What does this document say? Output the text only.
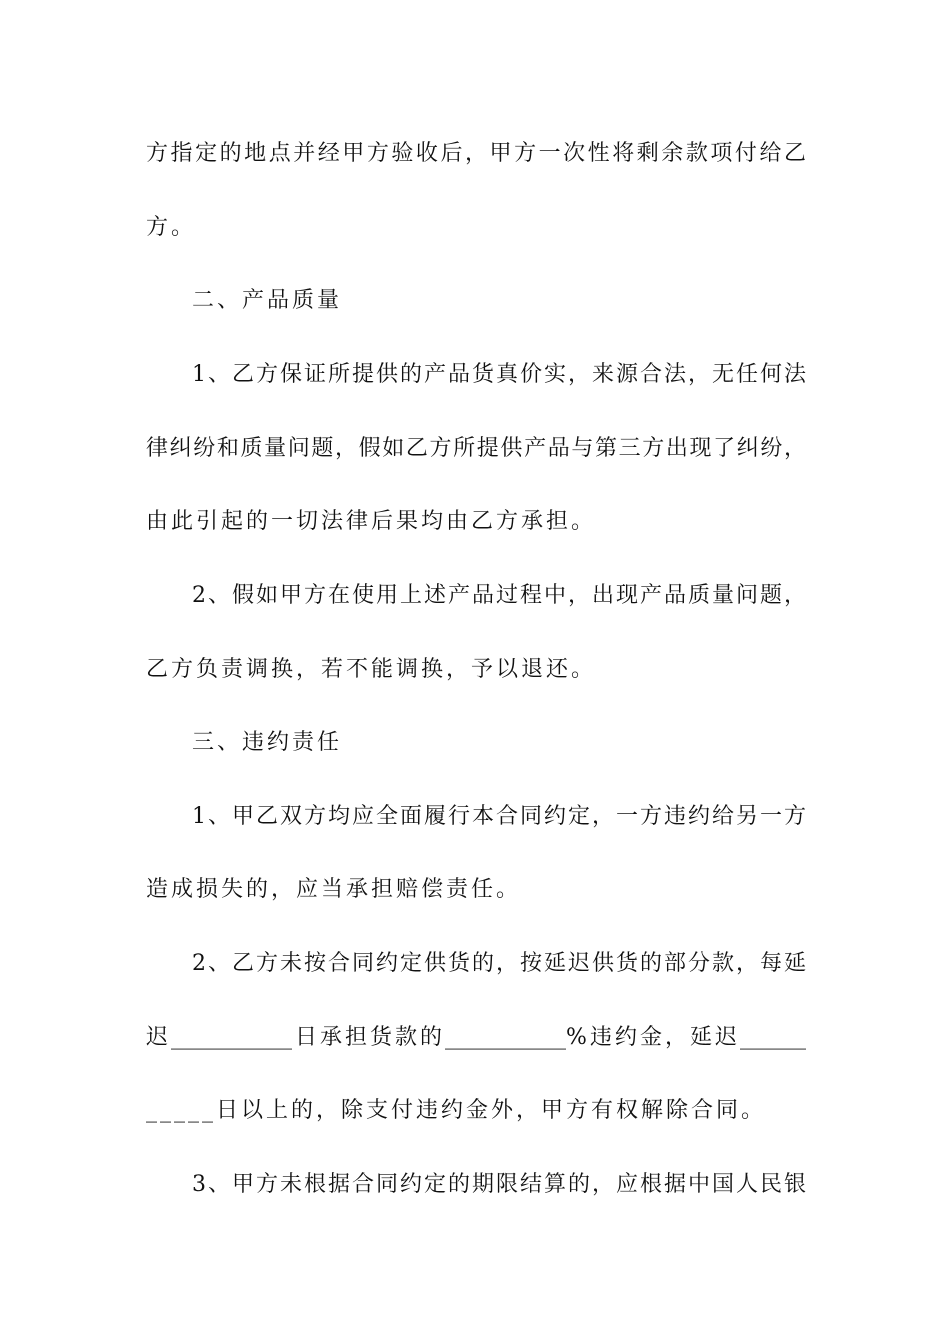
方指定的地点并经甲方验收后，甲方一次性将剩余款项付给乙
方。
二、产品质量
1、乙方保证所提供的产品货真价实，来源合法，无任何法
律纠纷和质量问题，假如乙方所提供产品与第三方出现了纠纷，
由此引起的一切法律后果均由乙方承担。
2、假如甲方在使用上述产品过程中，出现产品质量问题，
乙方负责调换，若不能调换，予以退还。
三、违约责任
1、甲乙双方均应全面履行本合同约定，一方违约给另一方
造成损失的，应当承担赔偿责任。
2、乙方未按合同约定供货的，按延迟供货的部分款，每延
迟___________日承担货款的___________%违约金，延迟______
_____日以上的，除支付违约金外，甲方有权解除合同。
3、甲方未根据合同约定的期限结算的，应根据中国人民银
